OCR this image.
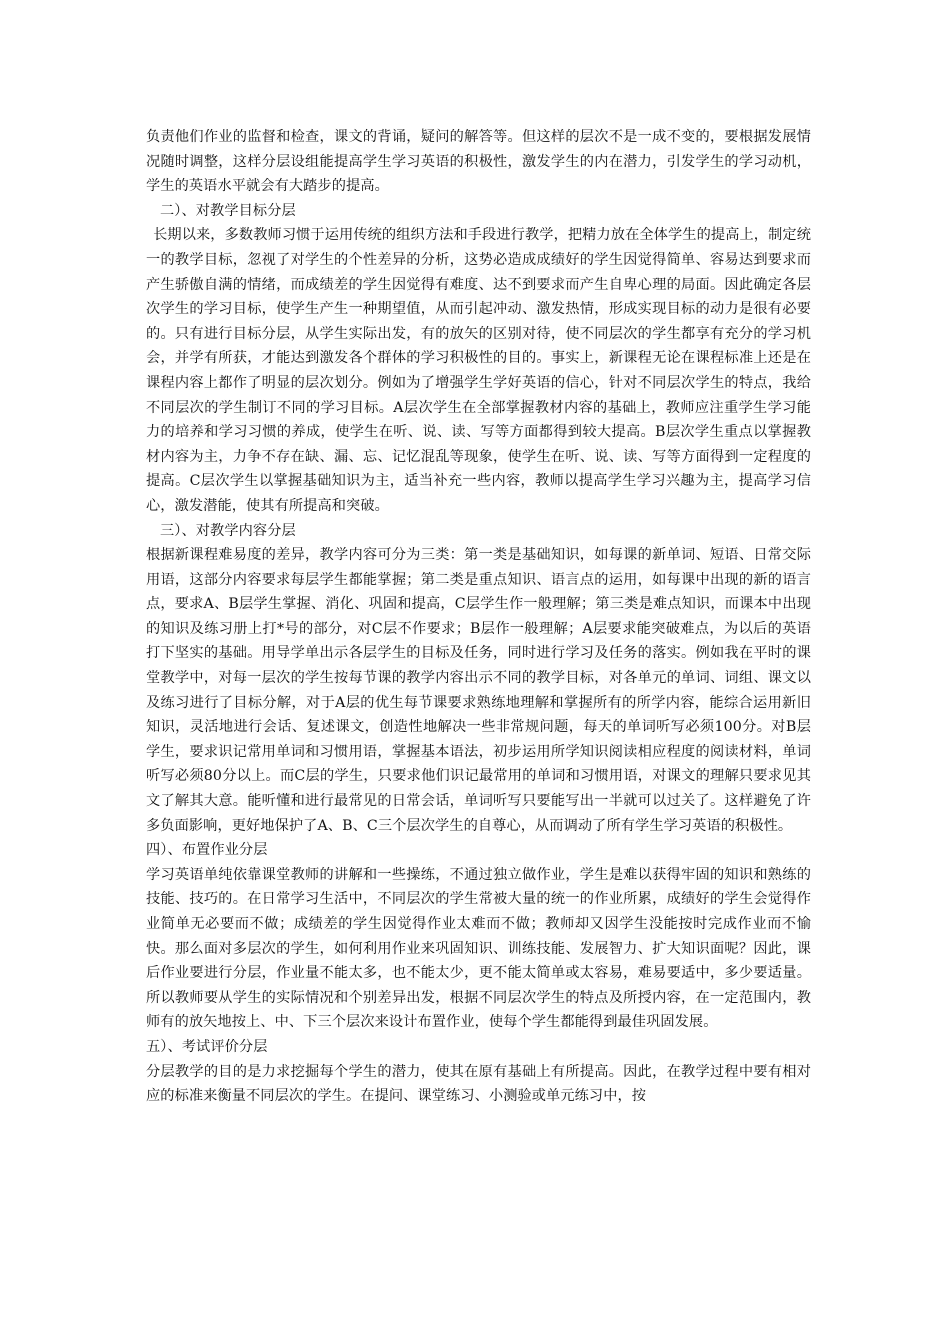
负责他们作业的监督和检查，课文的背诵，疑问的解答等。但这样的层次不是一成不变的，要根据发展情况随时调整，这样分层设组能提高学生学习英语的积极性，激发学生的内在潜力，引发学生的学习动机，学生的英语水平就会有大踏步的提高。

二）、对教学目标分层

长期以来，多数教师习惯于运用传统的组织方法和手段进行教学，把精力放在全体学生的提高上，制定统一的教学目标，忽视了对学生的个性差异的分析，这势必造成成绩好的学生因觉得简单、容易达到要求而产生骄傲自满的情绪，而成绩差的学生因觉得有难度、达不到要求而产生自卑心理的局面。因此确定各层次学生的学习目标，使学生产生一种期望值，从而引起冲动、激发热情，形成实现目标的动力是很有必要的。只有进行目标分层，从学生实际出发，有的放矢的区别对待，使不同层次的学生都享有充分的学习机会，并学有所获，才能达到激发各个群体的学习积极性的目的。事实上，新课程无论在课程标准上还是在课程内容上都作了明显的层次划分。例如为了增强学生学好英语的信心，针对不同层次学生的特点，我给不同层次的学生制订不同的学习目标。A层次学生在全部掌握教材内容的基础上，教师应注重学生学习能力的培养和学习习惯的养成，使学生在听、说、读、写等方面都得到较大提高。B层次学生重点以掌握教材内容为主，力争不存在缺、漏、忘、记忆混乱等现象，使学生在听、说、读、写等方面得到一定程度的提高。C层次学生以掌握基础知识为主，适当补充一些内容，教师以提高学生学习兴趣为主，提高学习信心，激发潜能，使其有所提高和突破。

三）、对教学内容分层

根据新课程难易度的差异，教学内容可分为三类：第一类是基础知识，如每课的新单词、短语、日常交际用语，这部分内容要求每层学生都能掌握；第二类是重点知识、语言点的运用，如每课中出现的新的语言点，要求A、B层学生掌握、消化、巩固和提高，C层学生作一般理解；第三类是难点知识，而课本中出现的知识及练习册上打*号的部分，对C层不作要求；B层作一般理解；A层要求能突破难点，为以后的英语打下坚实的基础。用导学单出示各层学生的目标及任务，同时进行学习及任务的落实。例如我在平时的课堂教学中，对每一层次的学生按每节课的教学内容出示不同的教学目标，对各单元的单词、词组、课文以及练习进行了目标分解，对于A层的优生每节课要求熟练地理解和掌握所有的所学内容，能综合运用新旧知识，灵活地进行会话、复述课文，创造性地解决一些非常规问题，每天的单词听写必须100分。对B层学生，要求识记常用单词和习惯用语，掌握基本语法，初步运用所学知识阅读相应程度的阅读材料，单词听写必须80分以上。而C层的学生，只要求他们识记最常用的单词和习惯用语，对课文的理解只要求见其文了解其大意。能听懂和进行最常见的日常会话，单词听写只要能写出一半就可以过关了。这样避免了许多负面影响，更好地保护了A、B、C三个层次学生的自尊心，从而调动了所有学生学习英语的积极性。

四）、布置作业分层

学习英语单纯依靠课堂教师的讲解和一些操练，不通过独立做作业，学生是难以获得牢固的知识和熟练的技能、技巧的。在日常学习生活中，不同层次的学生常被大量的统一的作业所累，成绩好的学生会觉得作业简单无必要而不做；成绩差的学生因觉得作业太难而不做；教师却又因学生没能按时完成作业而不愉快。那么面对多层次的学生，如何利用作业来巩固知识、训练技能、发展智力、扩大知识面呢？因此，课后作业要进行分层，作业量不能太多，也不能太少，更不能太简单或太容易，难易要适中，多少要适量。所以教师要从学生的实际情况和个别差异出发，根据不同层次学生的特点及所授内容，在一定范围内，教师有的放矢地按上、中、下三个层次来设计布置作业，使每个学生都能得到最佳巩固发展。

五）、考试评价分层

分层教学的目的是力求挖掘每个学生的潜力，使其在原有基础上有所提高。因此，在教学过程中要有相对应的标准来衡量不同层次的学生。在提问、课堂练习、小测验或单元练习中，按
